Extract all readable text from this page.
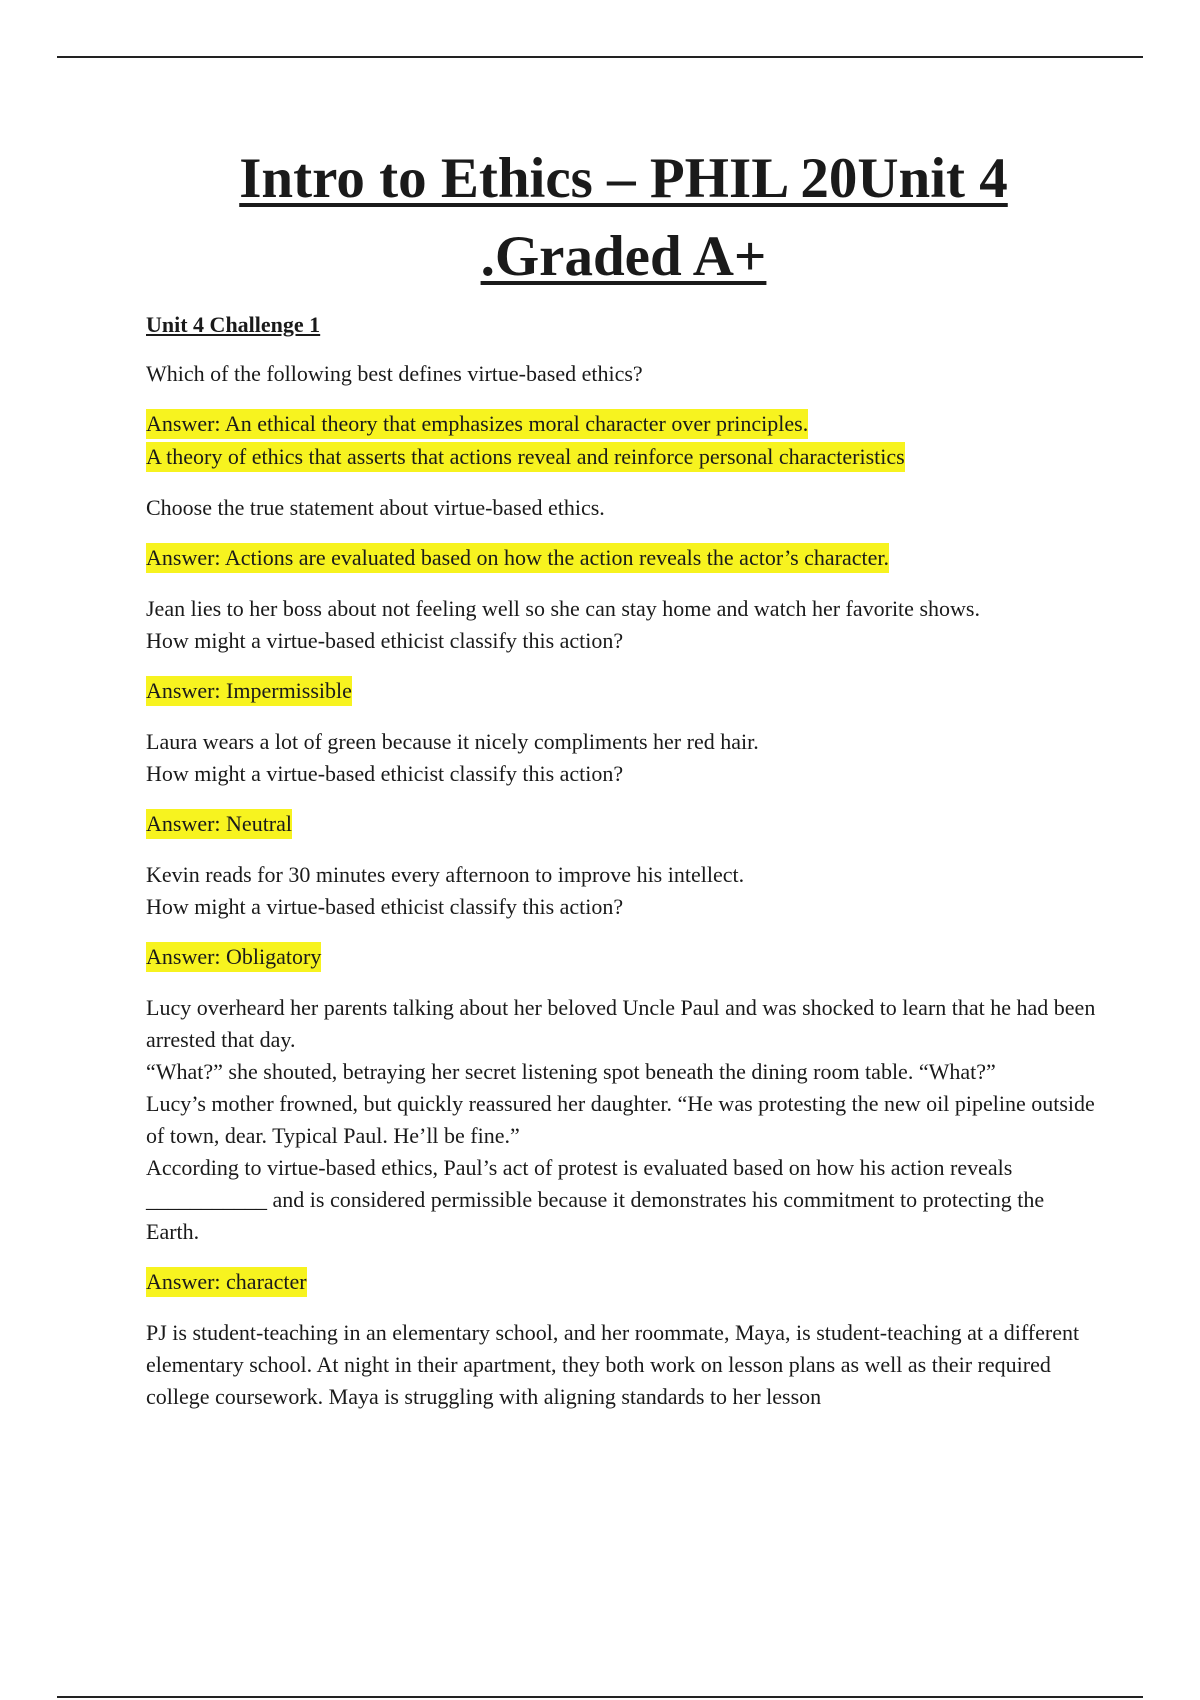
Intro to Ethics – PHIL 20Unit 4
.Graded A+
Unit 4 Challenge 1
Which of the following best defines virtue-based ethics?
Answer: An ethical theory that emphasizes moral character over principles.
A theory of ethics that asserts that actions reveal and reinforce personal characteristics
Choose the true statement about virtue-based ethics.
Answer: Actions are evaluated based on how the action reveals the actor’s character.
Jean lies to her boss about not feeling well so she can stay home and watch her favorite shows.
How might a virtue-based ethicist classify this action?
Answer: Impermissible
Laura wears a lot of green because it nicely compliments her red hair.
How might a virtue-based ethicist classify this action?
Answer: Neutral
Kevin reads for 30 minutes every afternoon to improve his intellect.
How might a virtue-based ethicist classify this action?
Answer: Obligatory
Lucy overheard her parents talking about her beloved Uncle Paul and was shocked to learn that he had been arrested that day.
“What?” she shouted, betraying her secret listening spot beneath the dining room table. “What?”
Lucy’s mother frowned, but quickly reassured her daughter. “He was protesting the new oil pipeline outside of town, dear. Typical Paul. He’ll be fine.”
According to virtue-based ethics, Paul’s act of protest is evaluated based on how his action reveals ___________ and is considered permissible because it demonstrates his commitment to protecting the Earth.
Answer: character
PJ is student-teaching in an elementary school, and her roommate, Maya, is student-teaching at a different elementary school. At night in their apartment, they both work on lesson plans as well as their required college coursework. Maya is struggling with aligning standards to her lesson
